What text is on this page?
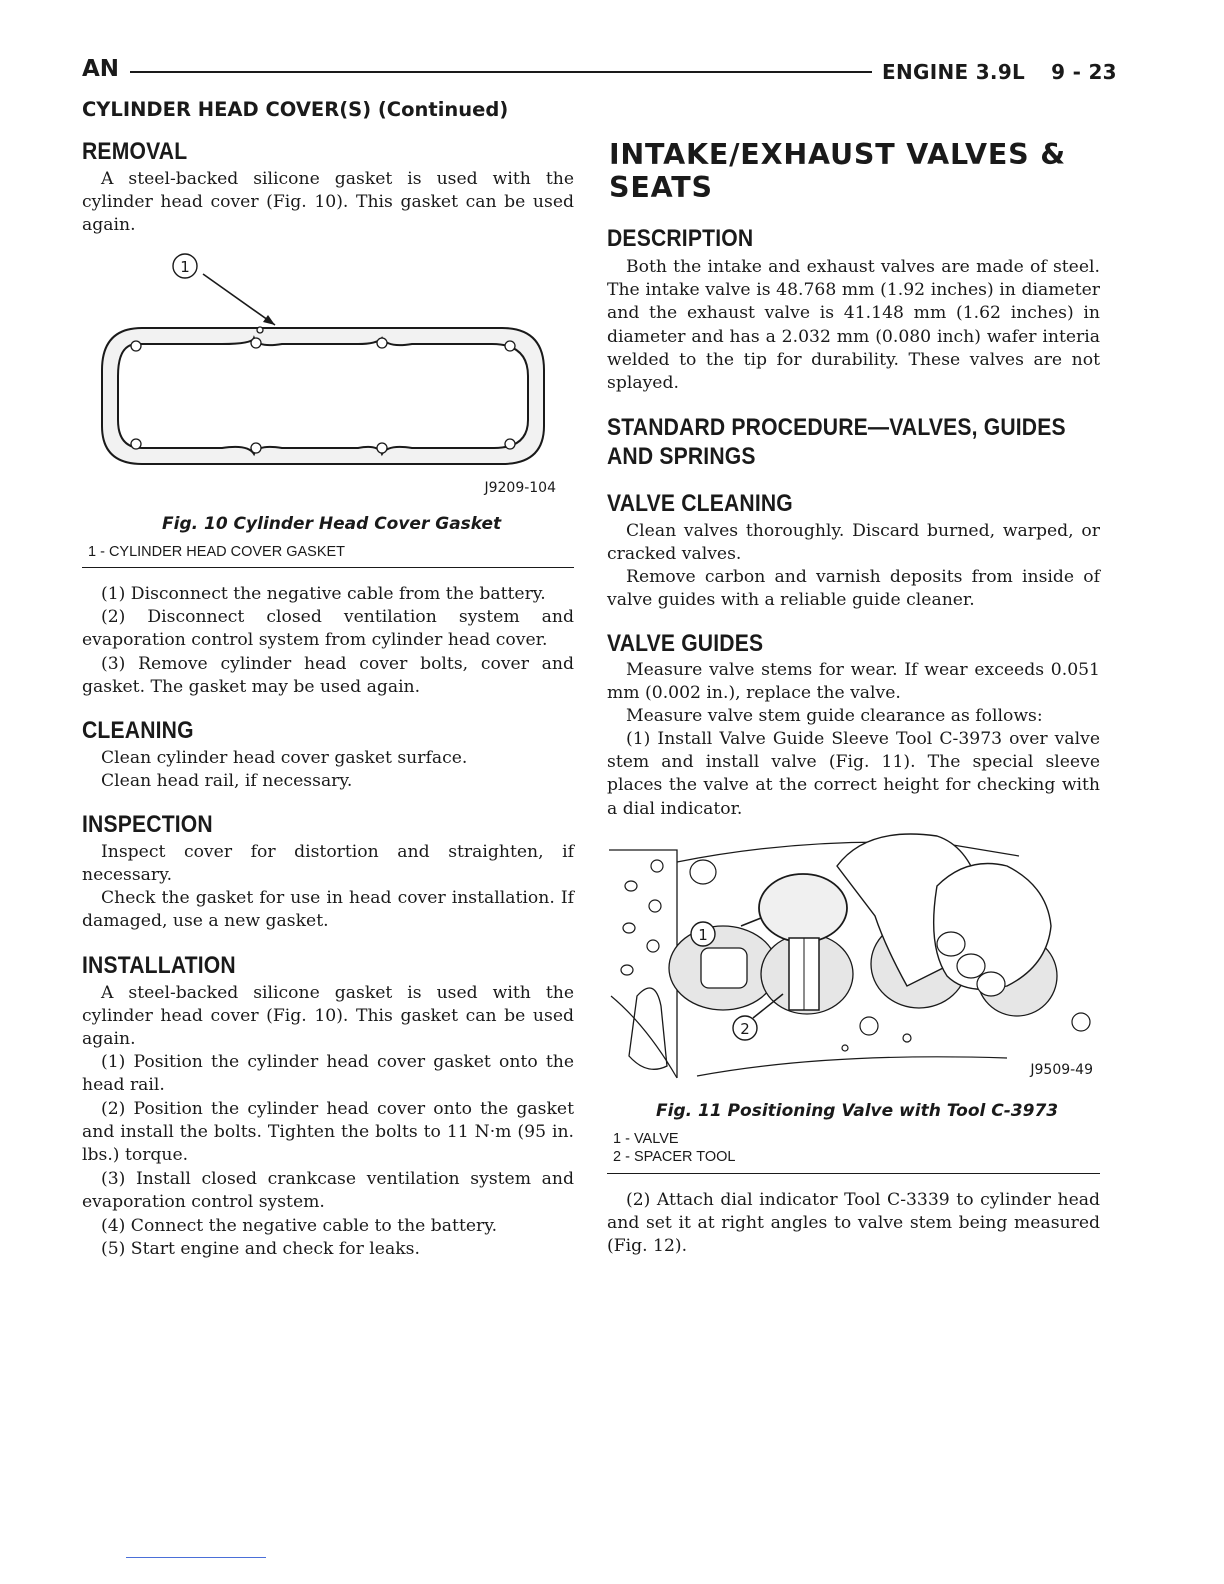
AN	ENGINE 3.9L 9 - 23
CYLINDER HEAD COVER(S) (Continued)
REMOVAL

A steel-backed silicone gasket is used with the cylinder head cover (Fig. 10). This gasket can be used again.

1
J9209-104
Fig. 10 Cylinder Head Cover Gasket
1 - CYLINDER HEAD COVER GASKET

(1) Disconnect the negative cable from the battery.

(2) Disconnect closed ventilation system and evaporation control system from cylinder head cover.

(3) Remove cylinder head cover bolts, cover and gasket. The gasket may be used again.

CLEANING

Clean cylinder head cover gasket surface.

Clean head rail, if necessary.

INSPECTION

Inspect cover for distortion and straighten, if necessary.

Check the gasket for use in head cover installation. If damaged, use a new gasket.

INSTALLATION

A steel-backed silicone gasket is used with the cylinder head cover (Fig. 10). This gasket can be used again.

(1) Position the cylinder head cover gasket onto the head rail.

(2) Position the cylinder head cover onto the gasket and install the bolts. Tighten the bolts to 11 N·m (95 in. lbs.) torque.

(3) Install closed crankcase ventilation system and evaporation control system.

(4) Connect the negative cable to the battery.

(5) Start engine and check for leaks.

INTAKE/EXHAUST VALVES &
SEATS
DESCRIPTION

Both the intake and exhaust valves are made of steel. The intake valve is 48.768 mm (1.92 inches) in diameter and the exhaust valve is 41.148 mm (1.62 inches) in diameter and has a 2.032 mm (0.080 inch) wafer interia welded to the tip for durability. These valves are not splayed.

STANDARD PROCEDURE—VALVES, GUIDES
AND SPRINGS
VALVE CLEANING

Clean valves thoroughly. Discard burned, warped, or cracked valves.

Remove carbon and varnish deposits from inside of valve guides with a reliable guide cleaner.

VALVE GUIDES

Measure valve stems for wear. If wear exceeds 0.051 mm (0.002 in.), replace the valve.

Measure valve stem guide clearance as follows:

(1) Install Valve Guide Sleeve Tool C-3973 over valve stem and install valve (Fig. 11). The special sleeve places the valve at the correct height for checking with a dial indicator.

1
2
J9509-49
Fig. 11 Positioning Valve with Tool C-3973
1 - VALVE
2 - SPACER TOOL

(2) Attach dial indicator Tool C-3339 to cylinder head and set it at right angles to valve stem being measured (Fig. 12).
